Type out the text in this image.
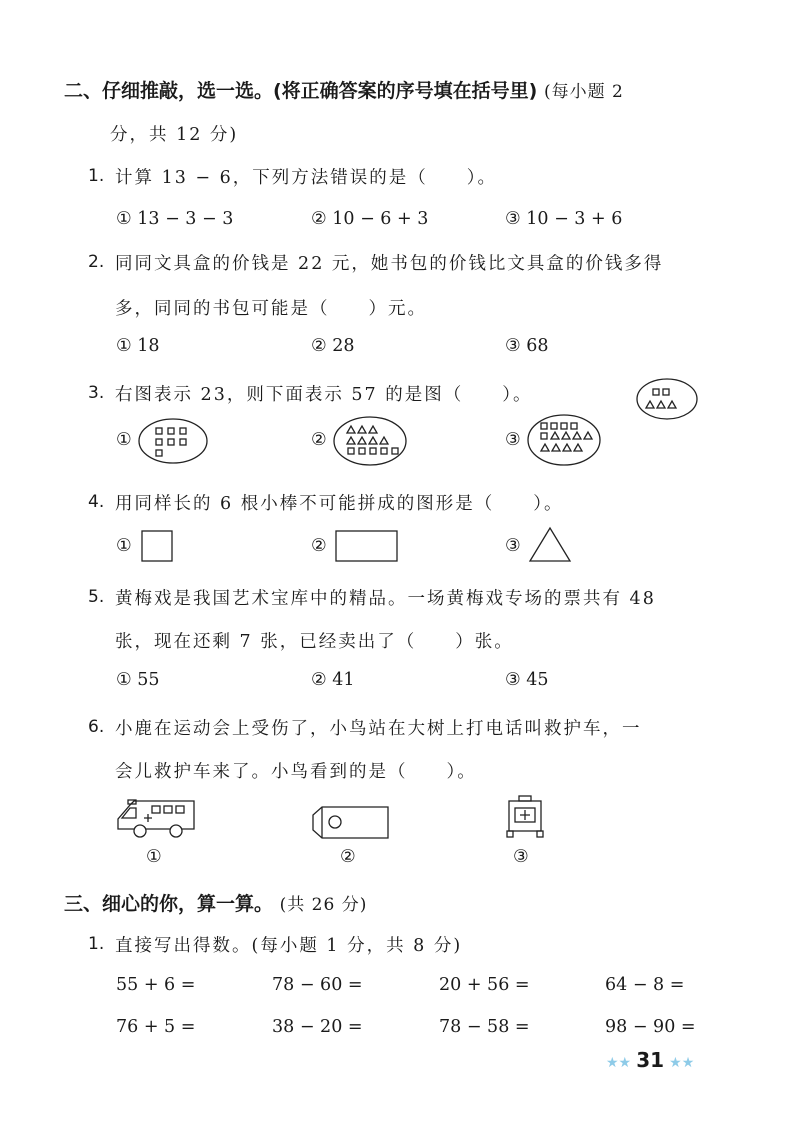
二、仔细推敲，选一选。(将正确答案的序号填在括号里) (每小题 2
分，共 12 分)
1. 计算 13 − 6，下列方法错误的是（　　）。
① 13 − 3 − 3	② 10 − 6 + 3	③ 10 − 3 + 6
2. 同同文具盒的价钱是 22 元，她书包的价钱比文具盒的价钱多得
多，同同的书包可能是（　　）元。
① 18	② 28	③ 68
3. 右图表示 23，则下面表示 57 的是图（　　）。
①	②	③
4. 用同样长的 6 根小棒不可能拼成的图形是（　　）。
①	②	③
5. 黄梅戏是我国艺术宝库中的精品。一场黄梅戏专场的票共有 48
张，现在还剩 7 张，已经卖出了（　　）张。
① 55	② 41	③ 45
6. 小鹿在运动会上受伤了，小鸟站在大树上打电话叫救护车，一
会儿救护车来了。小鸟看到的是（　　）。
①	②	③
三、细心的你，算一算。 (共 26 分)
1. 直接写出得数。(每小题 1 分，共 8 分)
55 + 6 =	78 − 60 =	20 + 56 =	64 − 8 =
76 + 5 =	38 − 20 =	78 − 58 =	98 − 90 =
★★ 31 ★★
